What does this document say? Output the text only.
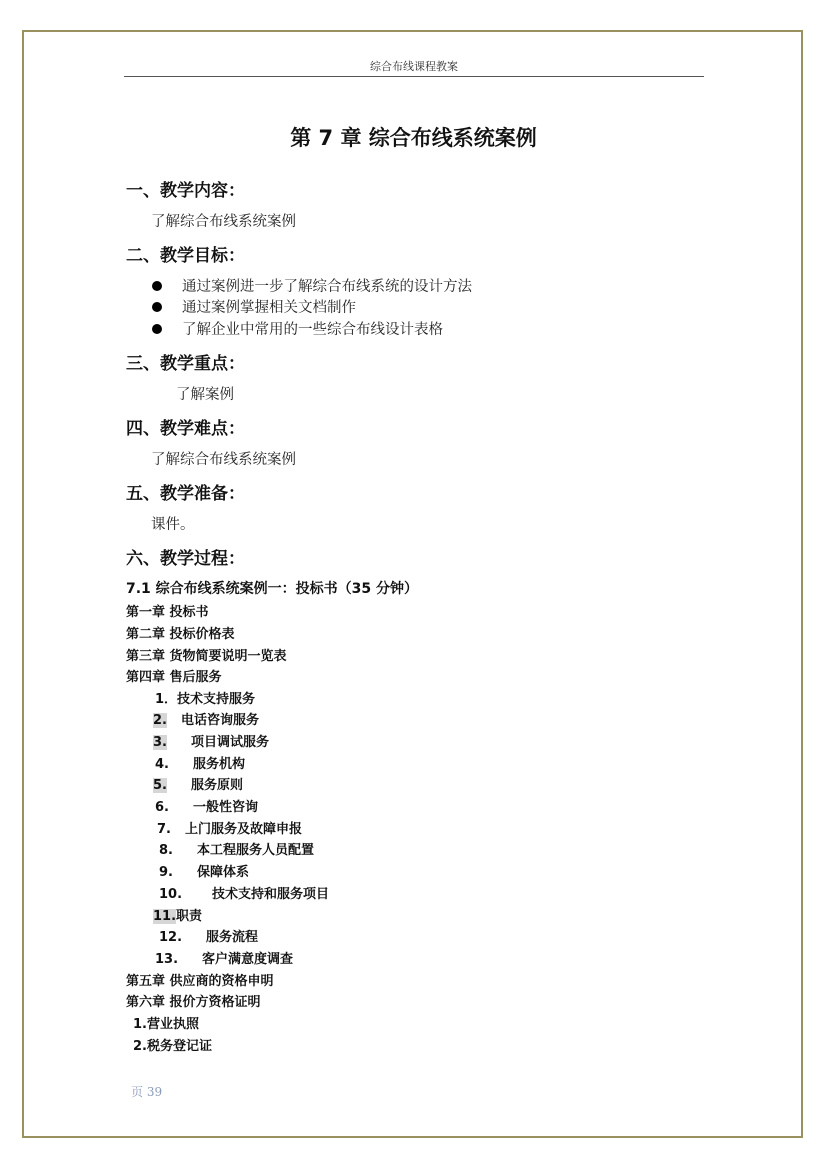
综合布线课程教案
第 7 章 综合布线系统案例
一、教学内容：
了解综合布线系统案例
二、教学目标：
通过案例进一步了解综合布线系统的设计方法
通过案例掌握相关文档制作
了解企业中常用的一些综合布线设计表格
三、教学重点：
了解案例
四、教学难点：
了解综合布线系统案例
五、教学准备：
课件。
六、教学过程：
7.1 综合布线系统案例一：投标书（35 分钟）
第一章 投标书
第二章 投标价格表
第三章 货物简要说明一览表
第四章 售后服务
1．技术支持服务
2. 电话咨询服务
3. 项目调试服务
4. 服务机构
5. 服务原则
6. 一般性咨询
7. 上门服务及故障申报
8. 本工程服务人员配置
9. 保障体系
10. 技术支持和服务项目
11.职责
12. 服务流程
13. 客户满意度调查
第五章 供应商的资格申明
第六章 报价方资格证明
1.营业执照
2.税务登记证
页 39
